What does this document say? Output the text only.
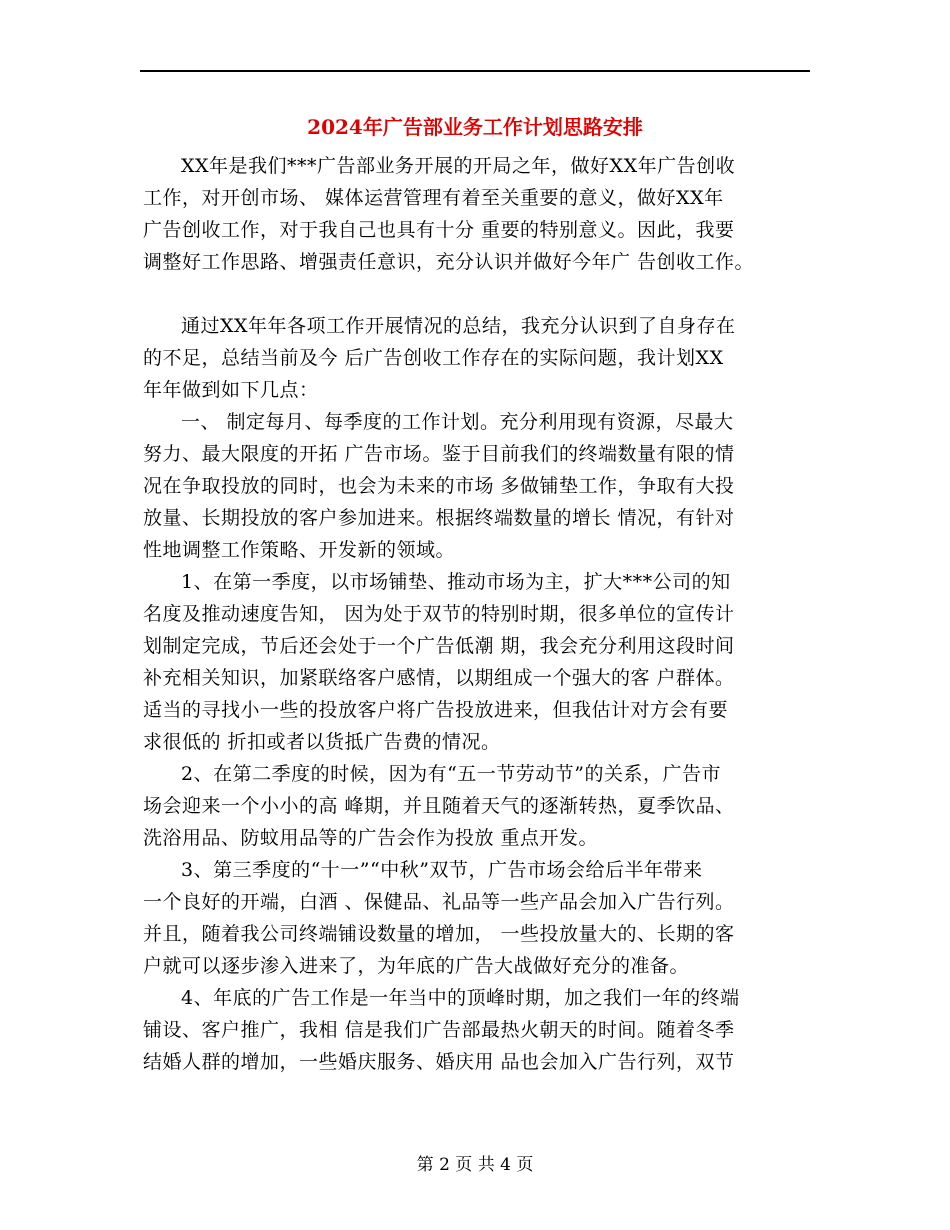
2024年广告部业务工作计划思路安排

XX年是我们***广告部业务开展的开局之年，做好XX年广告创收
工作，对开创市场、 媒体运营管理有着至关重要的意义，做好XX年
广告创收工作，对于我自己也具有十分 重要的特别意义。因此，我要
调整好工作思路、增强责任意识，充分认识并做好今年广 告创收工作。

通过XX年年各项工作开展情况的总结，我充分认识到了自身存在
的不足，总结当前及今 后广告创收工作存在的实际问题，我计划XX
年年做到如下几点：

一、 制定每月、每季度的工作计划。充分利用现有资源，尽最大
努力、最大限度的开拓 广告市场。鉴于目前我们的终端数量有限的情
况在争取投放的同时，也会为未来的市场 多做铺垫工作，争取有大投
放量、长期投放的客户参加进来。根据终端数量的增长 情况，有针对
性地调整工作策略、开发新的领域。

1、在第一季度，以市场铺垫、推动市场为主，扩大***公司的知
名度及推动速度告知， 因为处于双节的特别时期，很多单位的宣传计
划制定完成，节后还会处于一个广告低潮 期，我会充分利用这段时间
补充相关知识，加紧联络客户感情，以期组成一个强大的客 户群体。
适当的寻找小一些的投放客户将广告投放进来，但我估计对方会有要
求很低的 折扣或者以货抵广告费的情况。

2、在第二季度的时候，因为有“五一节劳动节”的关系，广告市
场会迎来一个小小的高 峰期，并且随着天气的逐渐转热，夏季饮品、
洗浴用品、防蚊用品等的广告会作为投放 重点开发。

3、第三季度的“十一”“中秋”双节，广告市场会给后半年带来
一个良好的开端，白酒 、保健品、礼品等一些产品会加入广告行列。
并且，随着我公司终端铺设数量的增加， 一些投放量大的、长期的客
户就可以逐步渗入进来了，为年底的广告大战做好充分的准备。

4、年底的广告工作是一年当中的顶峰时期，加之我们一年的终端
铺设、客户推广，我相 信是我们广告部最热火朝天的时间。随着冬季
结婚人群的增加，一些婚庆服务、婚庆用 品也会加入广告行列，双节

第 2 页 共 4 页
